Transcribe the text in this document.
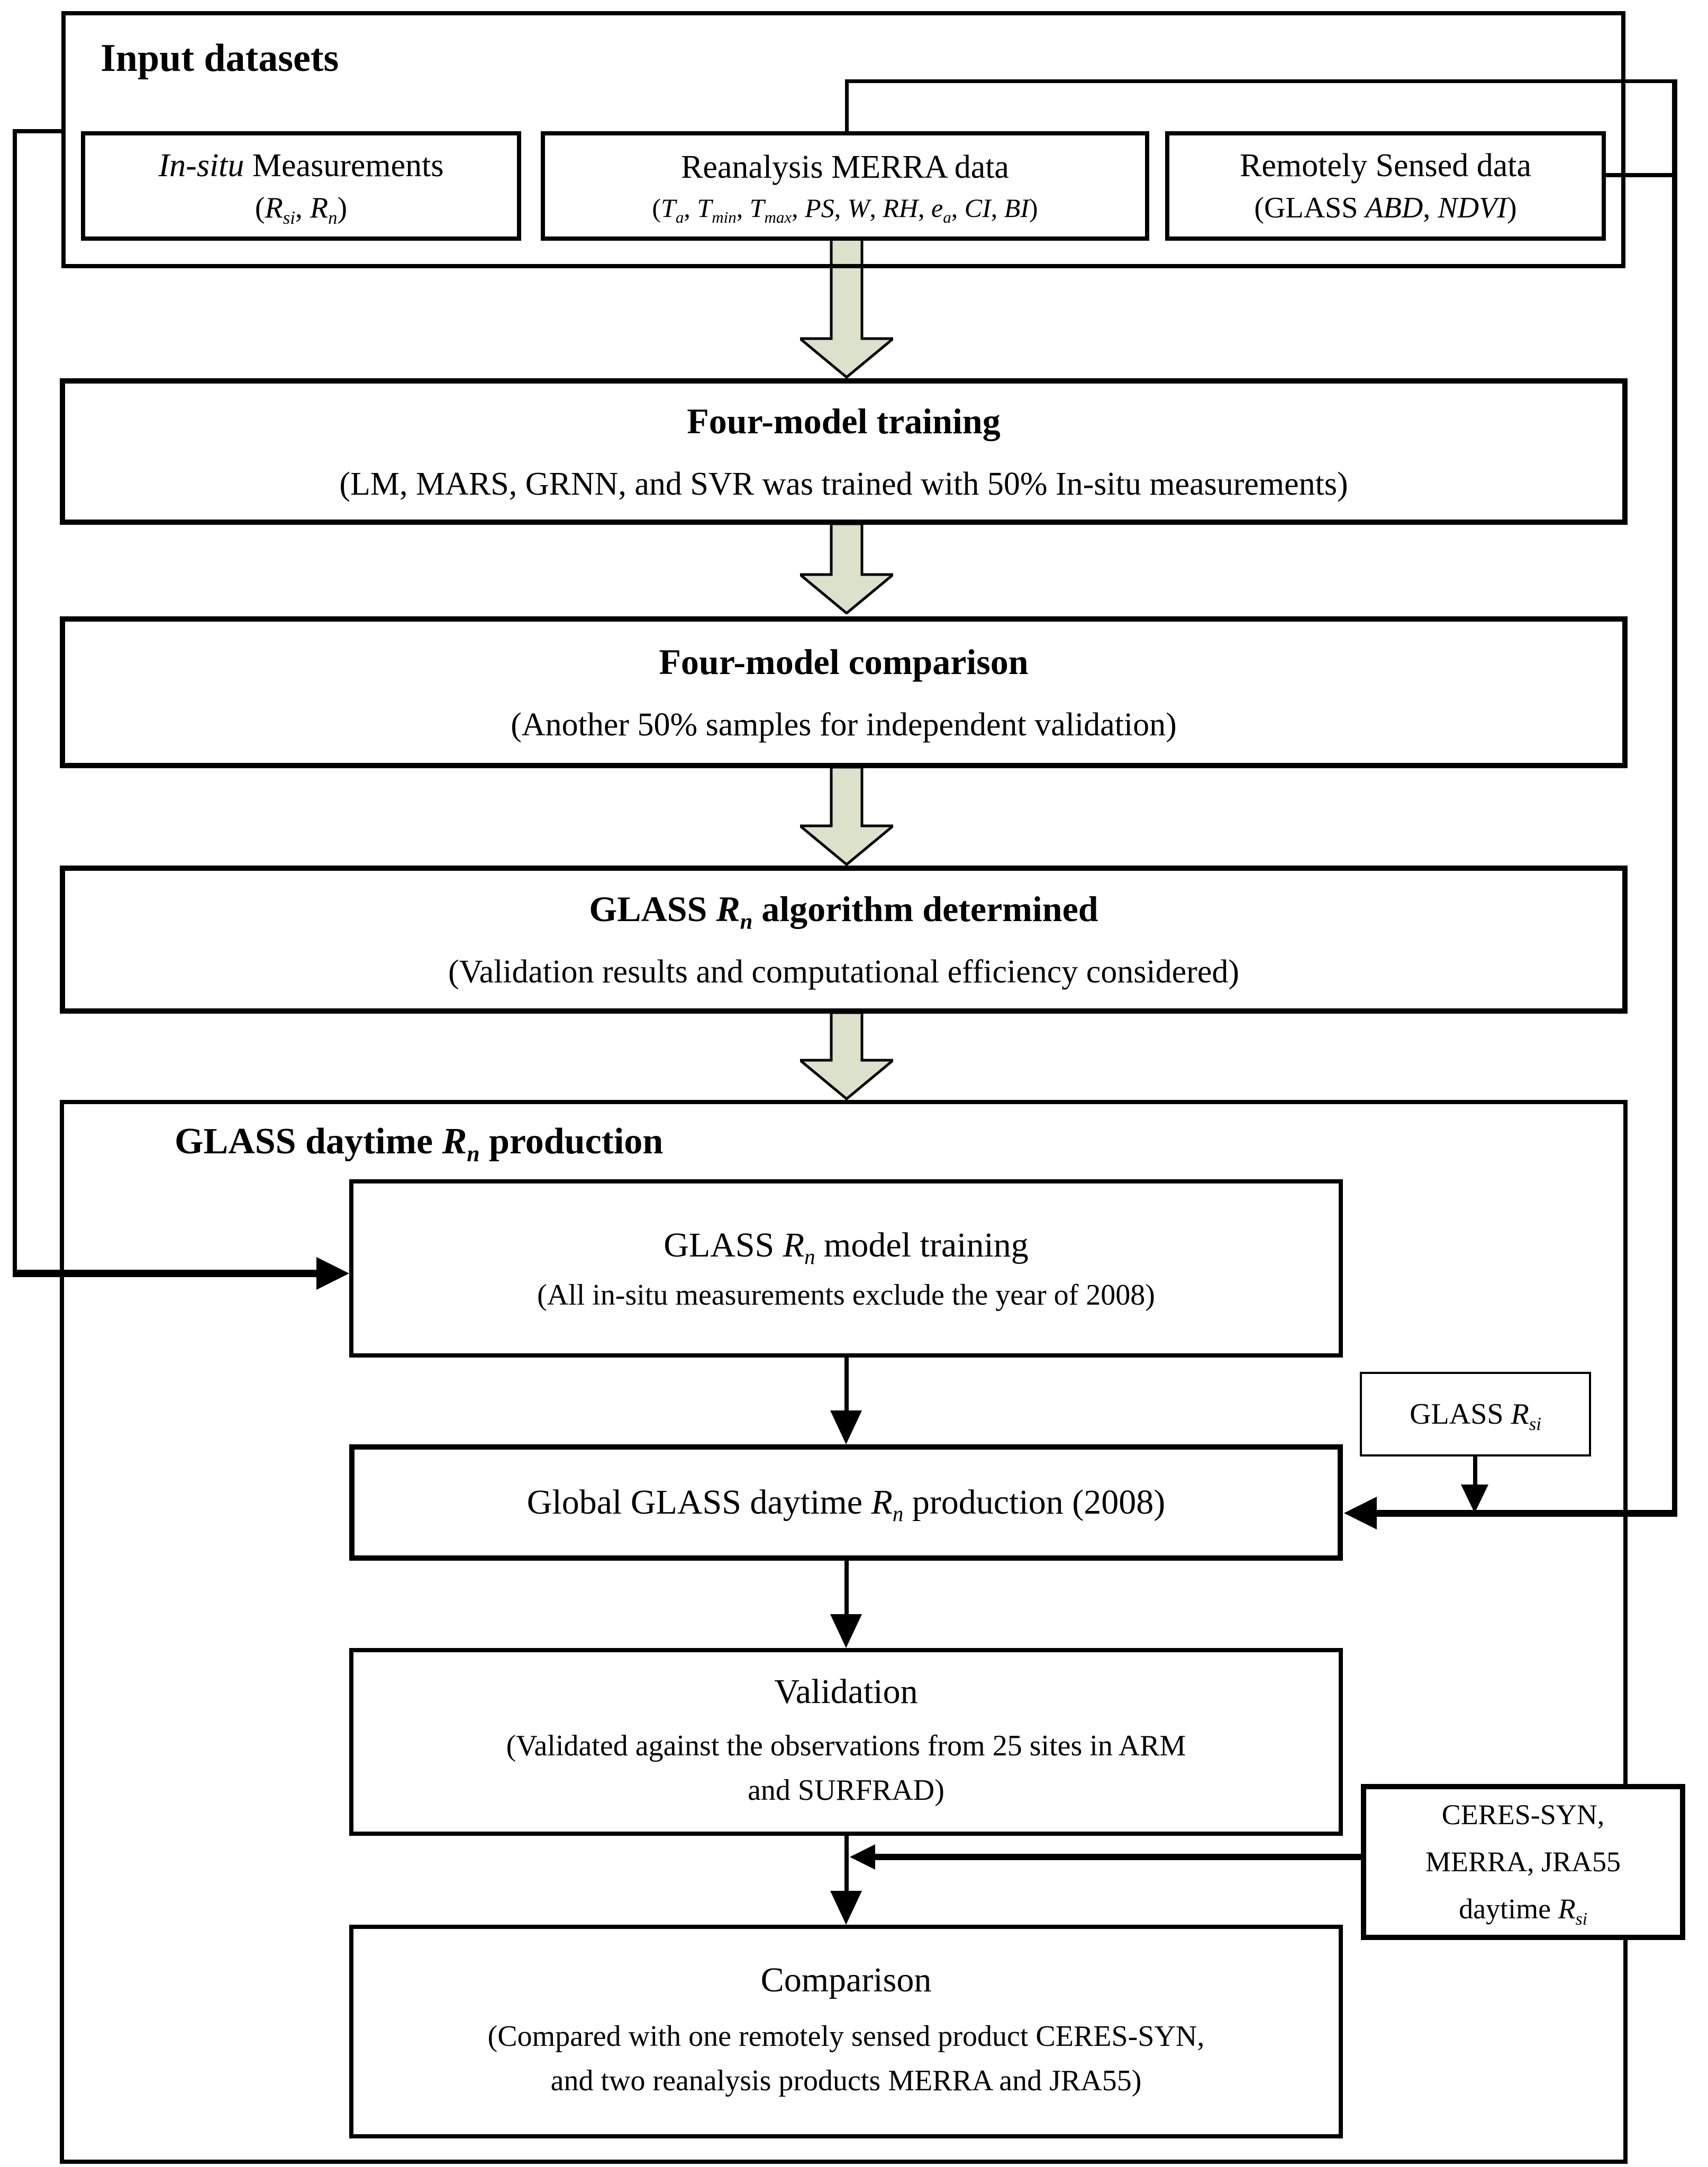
Input datasets
GLASS daytime $R_n$ production
In-situ Measurements
($R_{si}$, $R_n$)
Reanalysis MERRA data
($T_a$, $T_{min}$, $T_{max}$, PS, W, RH, $e_a$, CI, BI)
Remotely Sensed data
(GLASS ABD, NDVI)
Four-model training
(LM, MARS, GRNN, and SVR was trained with 50% In-situ measurements)
Four-model comparison
(Another 50% samples for independent validation)
GLASS $R_n$ algorithm determined
(Validation results and computational efficiency considered)
GLASS $R_n$ model training
(All in-situ measurements exclude the year of 2008)
Global GLASS daytime $R_n$ production (2008)
Validation
(Validated against the observations from 25 sites in ARM
and SURFRAD)
Comparison
(Compared with one remotely sensed product CERES-SYN,
and two reanalysis products MERRA and JRA55)
GLASS $R_{si}$
CERES-SYN,
MERRA, JRA55
daytime $R_{si}$
